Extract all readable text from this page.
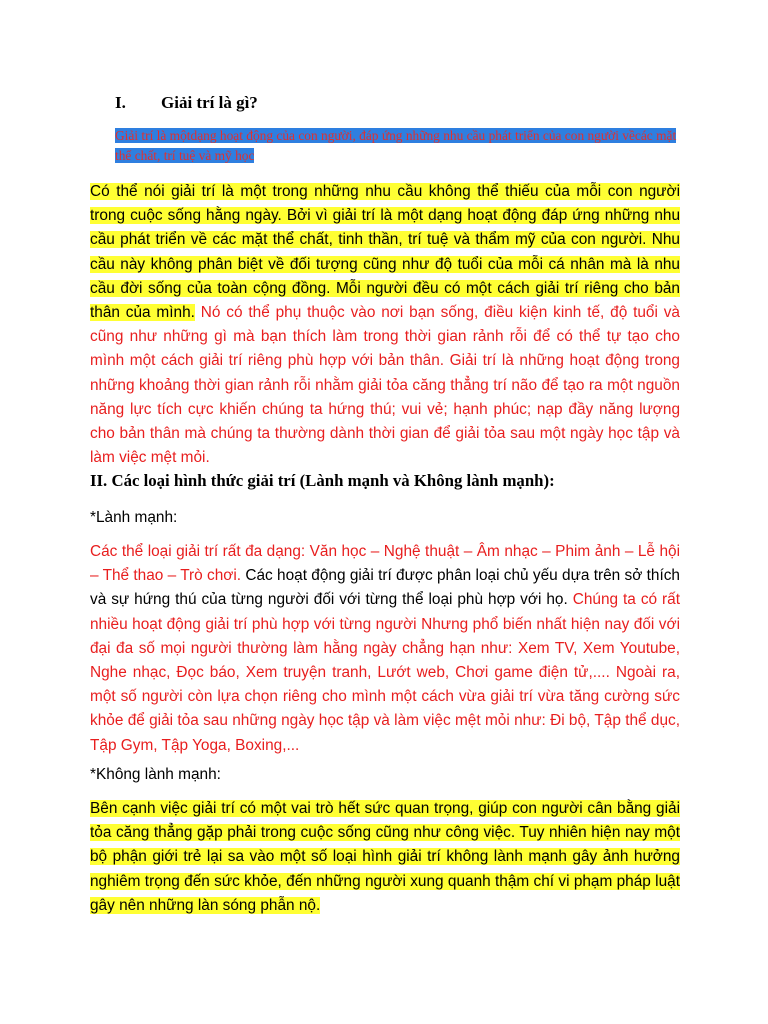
I. Giải trí là gì?
Giải trí là mộtdạng hoạt động của con người, đáp ứng những nhu cầu phát triển của con người vềcác mặt thể chất, trí tuệ và mỹ học
Có thể nói giải trí là một trong những nhu cầu không thể thiếu của mỗi con người trong cuộc sống hằng ngày. Bởi vì giải trí là một dạng hoạt động đáp ứng những nhu cầu phát triển về các mặt thể chất, tinh thần, trí tuệ và thẩm mỹ của con người. Nhu cầu này không phân biệt về đối tượng cũng như độ tuổi của mỗi cá nhân mà là nhu cầu đời sống của toàn cộng đồng. Mỗi người đều có một cách giải trí riêng cho bản thân của mình. Nó có thể phụ thuộc vào nơi bạn sống, điều kiện kinh tế, độ tuổi và cũng như những gì mà bạn thích làm trong thời gian rảnh rỗi để có thể tự tạo cho mình một cách giải trí riêng phù hợp với bản thân. Giải trí là những hoạt động trong những khoảng thời gian rảnh rỗi nhằm giải tỏa căng thẳng trí não để tạo ra một nguồn năng lực tích cực khiến chúng ta hứng thú; vui vẻ; hạnh phúc; nạp đầy năng lượng cho bản thân mà chúng ta thường dành thời gian để giải tỏa sau một ngày học tập và làm việc mệt mỏi.
II. Các loại hình thức giải trí (Lành mạnh và Không lành mạnh):
*Lành mạnh:
Các thể loại giải trí rất đa dạng: Văn học – Nghệ thuật – Âm nhạc – Phim ảnh – Lễ hội – Thể thao – Trò chơi. Các hoạt động giải trí được phân loại chủ yếu dựa trên sở thích và sự hứng thú của từng người đối với từng thể loại phù hợp với họ. Chúng ta có rất nhiều hoạt động giải trí phù hợp với từng người Nhưng phổ biến nhất hiện nay đối với đại đa số mọi người thường làm hằng ngày chẳng hạn như: Xem TV, Xem Youtube, Nghe nhạc, Đọc báo, Xem truyện tranh, Lướt web, Chơi game điện tử,.... Ngoài ra, một số người còn lựa chọn riêng cho mình một cách vừa giải trí vừa tăng cường sức khỏe để giải tỏa sau những ngày học tập và làm việc mệt mỏi như: Đi bộ, Tập thể dục, Tập Gym, Tập Yoga, Boxing,...
*Không lành mạnh:
Bên cạnh việc giải trí có một vai trò hết sức quan trọng, giúp con người cân bằng giải tỏa căng thẳng gặp phải trong cuộc sống cũng như công việc. Tuy nhiên hiện nay một bộ phận giới trẻ lại sa vào một số loại hình giải trí không lành mạnh gây ảnh hưởng nghiêm trọng đến sức khỏe, đến những người xung quanh thậm chí vi phạm pháp luật gây nên những làn sóng phẫn nộ.
